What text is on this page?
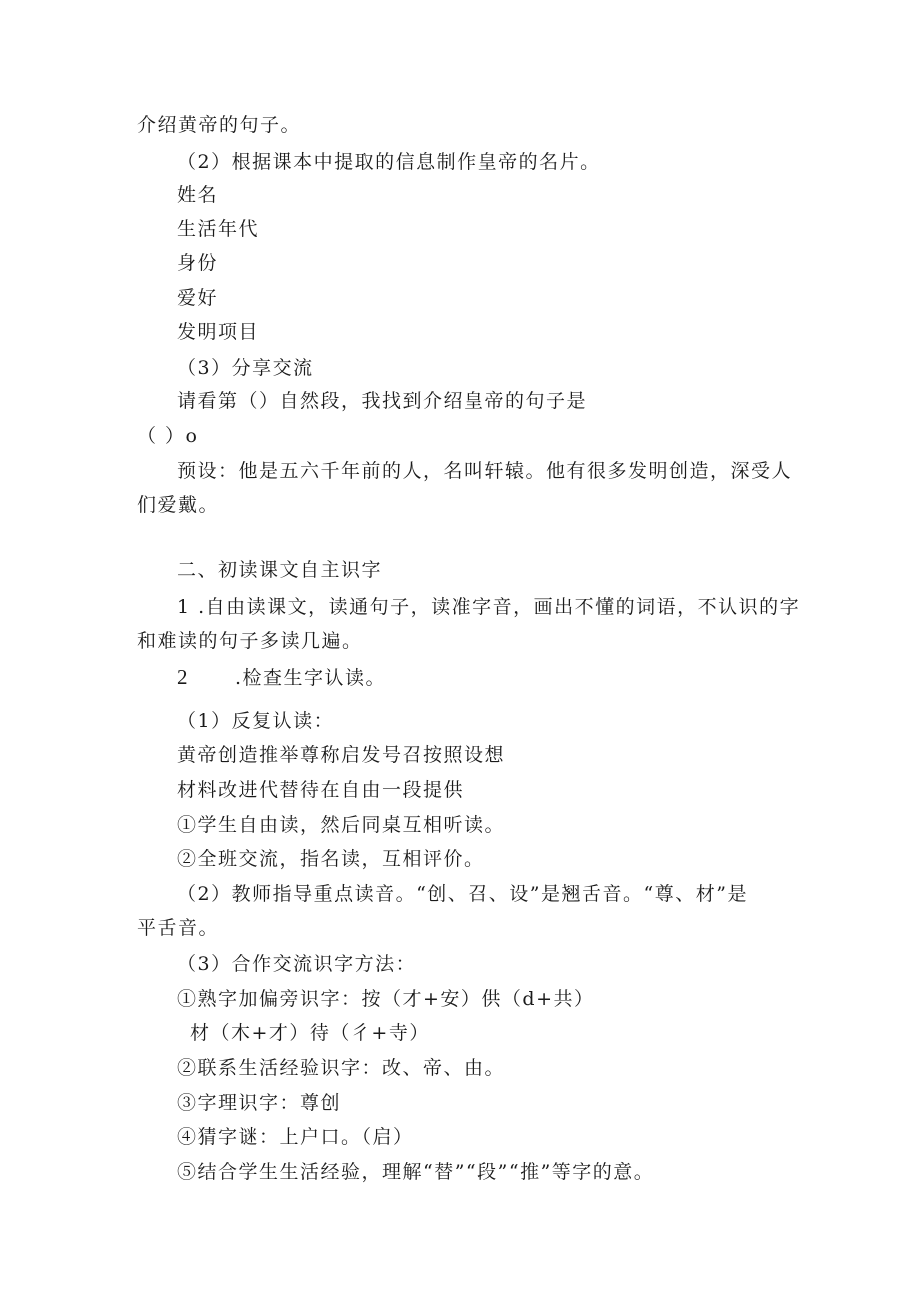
介绍黄帝的句子。
（2）根据课本中提取的信息制作皇帝的名片。
姓名
生活年代
身份
爱好
发明项目
（3）分享交流
请看第（）自然段，我找到介绍皇帝的句子是
（ ）o
预设：他是五六千年前的人，名叫轩辕。他有很多发明创造，深受人
们爱戴。
二、初读课文自主识字
1 .自由读课文，读通句子，读准字音，画出不懂的词语，不认识的字
和难读的句子多读几遍。
2 .检查生字认读。
（1）反复认读：
黄帝创造推举尊称启发号召按照设想
材料改进代替待在自由一段提供
①学生自由读，然后同桌互相听读。
②全班交流，指名读，互相评价。
（2）教师指导重点读音。“创、召、设”是翘舌音。“尊、材”是
平舌音。
（3）合作交流识字方法：
①熟字加偏旁识字：按（才+安）供（d+共）
材（木+才）待（彳+寺）
②联系生活经验识字：改、帝、由。
③字理识字：尊创
④猜字谜：上户口。（启）
⑤结合学生生活经验，理解“替”“段”“推”等字的意。
